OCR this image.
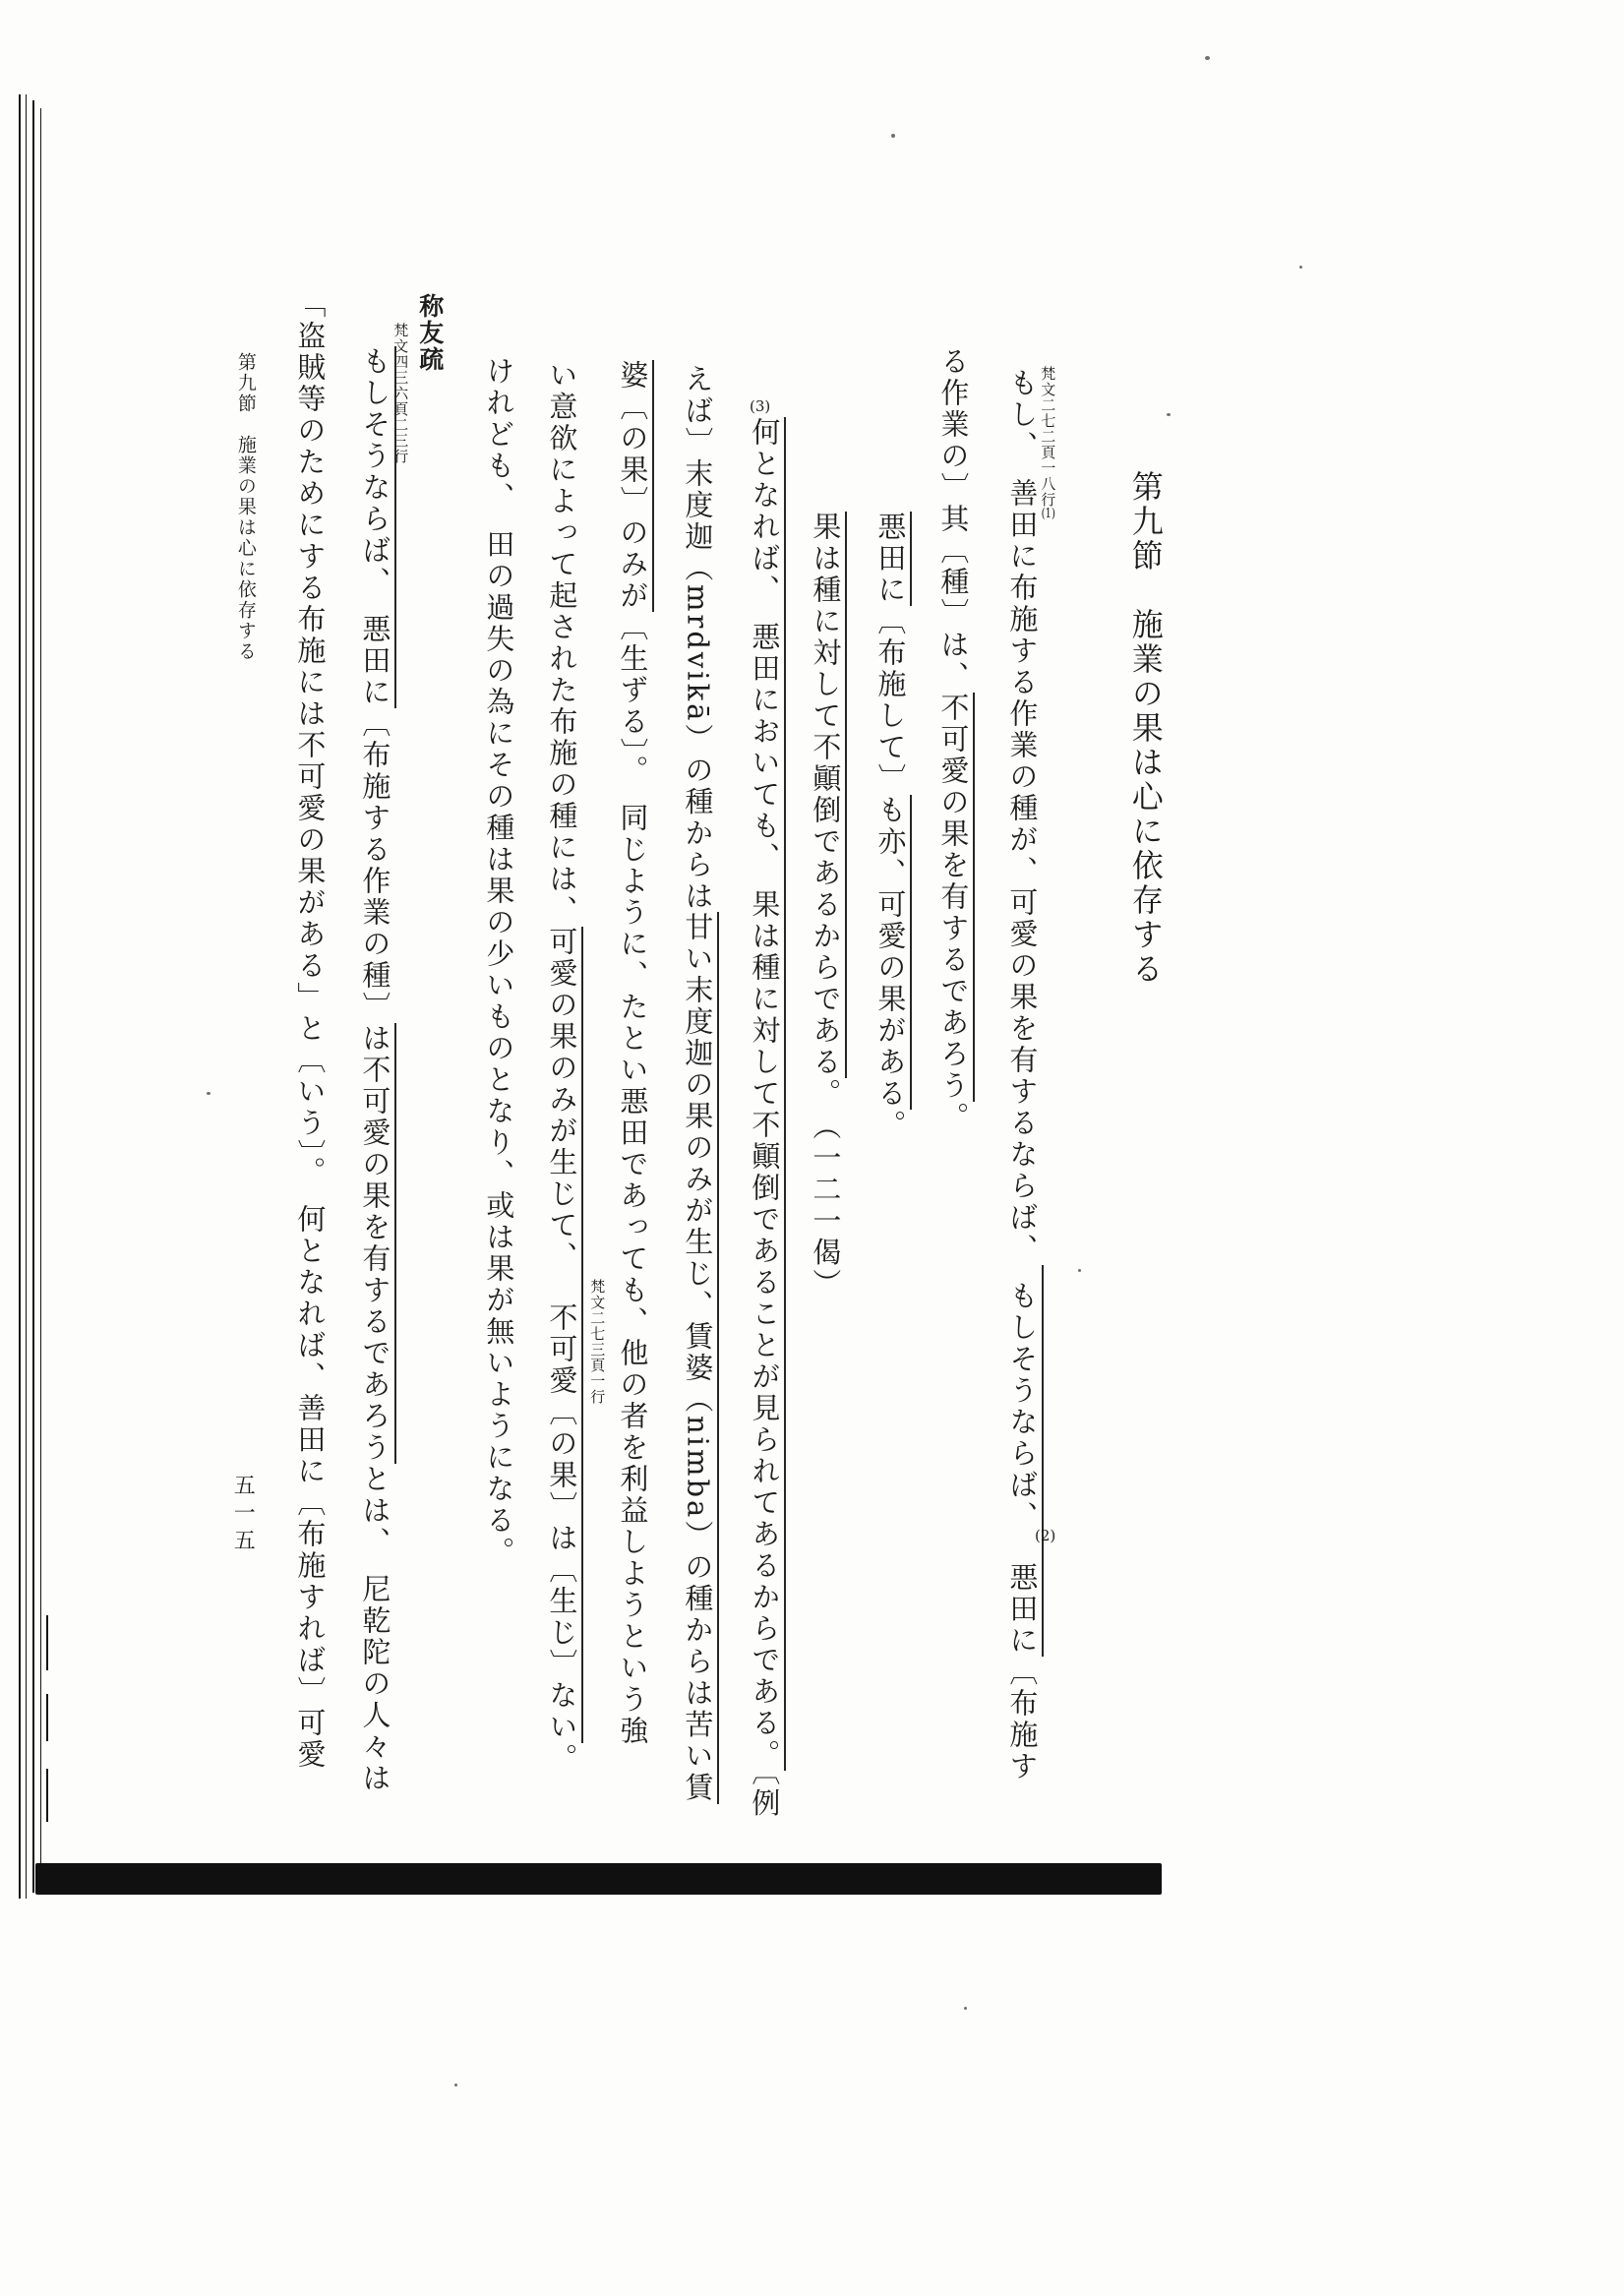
第九節　施業の果は心に依存する
梵文二七二頁一八行(1)
もし、善田に布施する作業の種が、可愛の果を有するならば、もしそうならば、悪田に〔布施す
(2)
る作業の〕其〔種〕は、不可愛の果を有するであろう。
悪田に〔布施して〕も亦、可愛の果がある。
果は種に対して不顚倒であるからである。（一二一偈）
(3)
何となれば、悪田においても、果は種に対して不顚倒であることが見られてあるからである。〔例
えば〕末度迦（mrdvikā）の種からは甘い末度迦の果のみが生じ、賃婆（nimba）の種からは苦い賃
婆〔の果〕のみが〔生ずる〕。同じように、たとい悪田であっても、他の者を利益しようという強
梵文二七三頁一行
い意欲によって起された布施の種には、可愛の果のみが生じて、不可愛〔の果〕は〔生じ〕ない。
けれども、田の過失の為にその種は果の少いものとなり、或は果が無いようになる。
称友疏
梵文四三六頁二三行
もしそうならば、悪田に〔布施する作業の種〕は不可愛の果を有するであろうとは、尼乾陀の人々は
「盗賊等のためにする布施には不可愛の果がある」と〔いう〕。何となれば、善田に〔布施すれば〕可愛
第九節　施業の果は心に依存する
五一五
